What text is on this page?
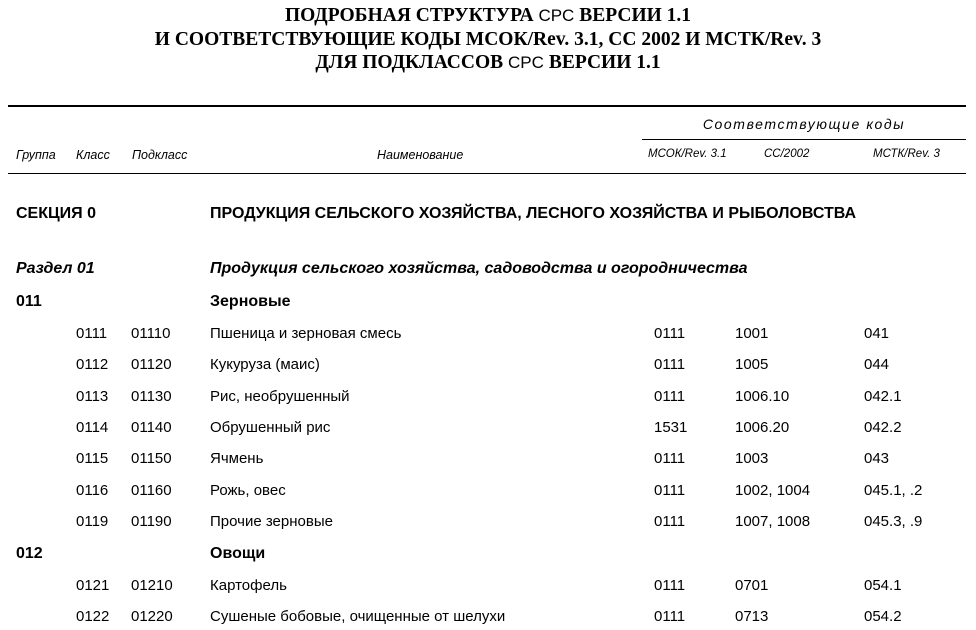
ПОДРОБНАЯ СТРУКТУРА CPC ВЕРСИИ 1.1
И СООТВЕТСТВУЮЩИЕ КОДЫ МСОК/Rev. 3.1, СС 2002 И МСТК/Rev. 3
ДЛЯ ПОДКЛАССОВ CPC ВЕРСИИ 1.1
Соответствующие коды
Группа Класс Подкласс	Наименование	МСОК/Rev. 3.1	СС/2002	МСТК/Rev. 3
СЕКЦИЯ 0	ПРОДУКЦИЯ СЕЛЬСКОГО ХОЗЯЙСТВА, ЛЕСНОГО ХОЗЯЙСТВА И РЫБОЛОВСТВА
Раздел 01	Продукция сельского хозяйства, садоводства и огородничества
011	Зерновые
0111 01110	Пшеница и зерновая смесь	0111	1001	041
0112 01120	Кукуруза (маис)	0111	1005	044
0113 01130	Рис, необрушенный	0111	1006.10	042.1
0114 01140	Обрушенный рис	1531	1006.20	042.2
0115 01150	Ячмень	0111	1003	043
0116 01160	Рожь, овес	0111	1002, 1004	045.1, .2
0119 01190	Прочие зерновые	0111	1007, 1008	045.3, .9
012	Овощи
0121 01210 Картофель	0111	0701	054.1
0122 01220 Сушеные бобовые, очищенные от шелухи	0111	0713	054.2
